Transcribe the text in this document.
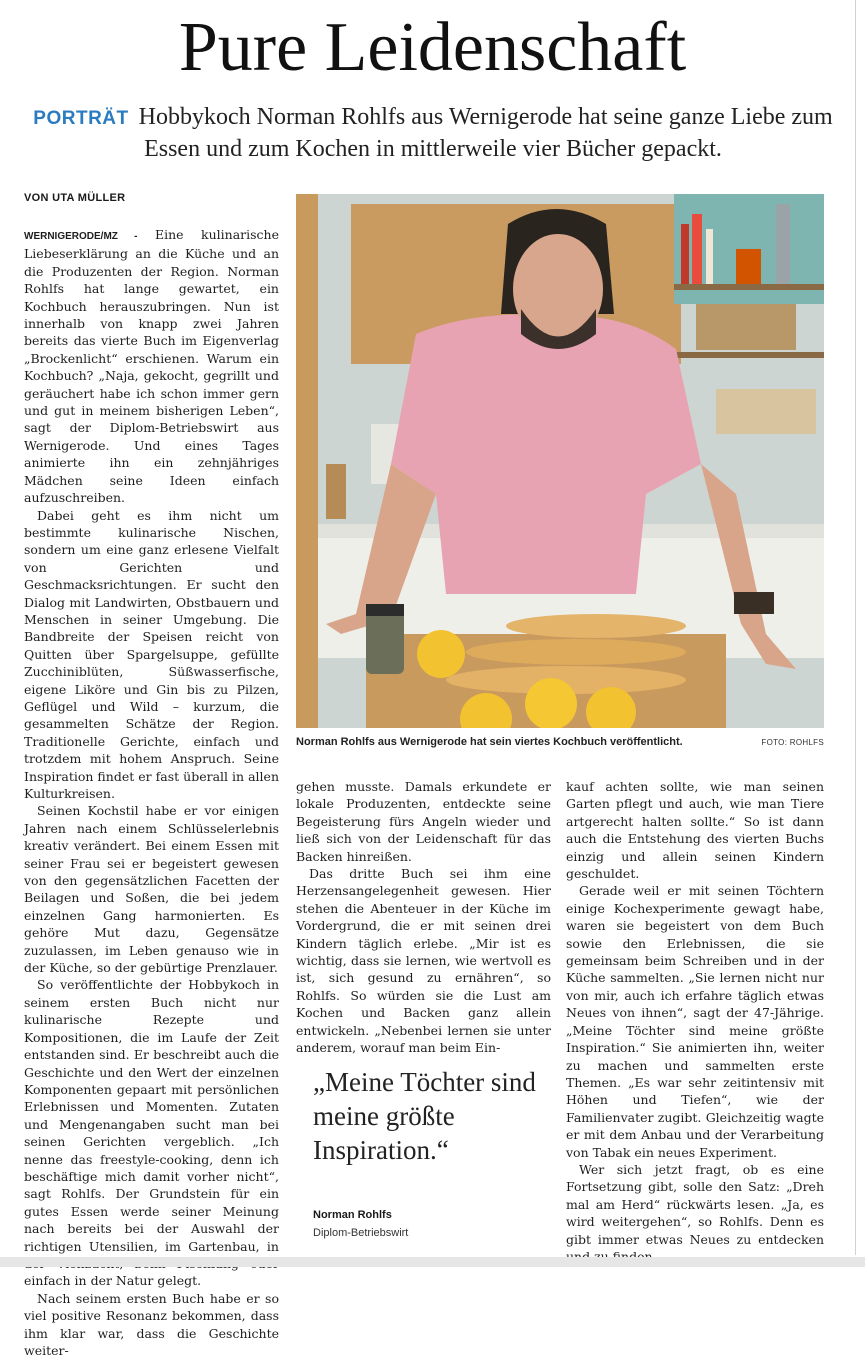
Pure Leidenschaft
PORTRÄT Hobbykoch Norman Rohlfs aus Wernigerode hat seine ganze Liebe zum Essen und zum Kochen in mittlerweile vier Bücher gepackt.
VON UTA MÜLLER

WERNIGERODE/MZ - Eine kulinarische Liebeserklärung an die Küche und an die Produzenten der Region. Norman Rohlfs hat lange gewartet, ein Kochbuch herauszubringen. Nun ist innerhalb von knapp zwei Jahren bereits das vierte Buch im Eigenverlag „Brockenlicht“ erschienen. Warum ein Kochbuch? „Naja, gekocht, gegrillt und geräuchert habe ich schon immer gern und gut in meinem bisherigen Leben“, sagt der Diplom-Betriebswirt aus Wernigerode. Und eines Tages animierte ihn ein zehnjähriges Mädchen seine Ideen einfach aufzuschreiben.

Dabei geht es ihm nicht um bestimmte kulinarische Nischen, sondern um eine ganz erlesene Vielfalt von Gerichten und Geschmacksrichtungen. Er sucht den Dialog mit Landwirten, Obstbauern und Menschen in seiner Umgebung. Die Bandbreite der Speisen reicht von Quitten über Spargelsuppe, gefüllte Zucchiniblüten, Süßwasserfische, eigene Liköre und Gin bis zu Pilzen, Geflügel und Wild – kurzum, die gesammelten Schätze der Region. Traditionelle Gerichte, einfach und trotzdem mit hohem Anspruch. Seine Inspiration findet er fast überall in allen Kulturkreisen.

Seinen Kochstil habe er vor einigen Jahren nach einem Schlüsselerlebnis kreativ verändert. Bei einem Essen mit seiner Frau sei er begeistert gewesen von den gegensätzlichen Facetten der Beilagen und Soßen, die bei jedem einzelnen Gang harmonierten. Es gehöre Mut dazu, Gegensätze zuzulassen, im Leben genauso wie in der Küche, so der gebürtige Prenzlauer.

So veröffentlichte der Hobbykoch in seinem ersten Buch nicht nur kulinarische Rezepte und Kompositionen, die im Laufe der Zeit entstanden sind. Er beschreibt auch die Geschichte und den Wert der einzelnen Komponenten gepaart mit persönlichen Erlebnissen und Momenten. Zutaten und Mengenangaben sucht man bei seinen Gerichten vergeblich. „Ich nenne das freestyle-cooking, denn ich beschäftige mich damit vorher nicht“, sagt Rohlfs. Der Grundstein für ein gutes Essen werde seiner Meinung nach bereits bei der Auswahl der richtigen Utensilien, im Gartenbau, in einfach in der Natur gelegt.

Nach seinem ersten Buch habe er so viel positive Resonanz bekommen, dass ihm klar war, dass die Geschichte weiter-

Norman Rohlfs aus Wernigerode hat sein viertes Kochbuch veröffentlicht.	FOTO: ROHLFS

gehen musste. Damals erkundete er lokale Produzenten, entdeckte seine Begeisterung fürs Angeln wieder und ließ sich von der Leidenschaft für das Backen hinreißen.

Das dritte Buch sei ihm eine Herzensangelegenheit gewesen. Hier stehen die Abenteuer in der Küche im Vordergrund, die er mit seinen drei Kindern täglich erlebe. „Mir ist es wichtig, dass sie lernen, wie wertvoll es ist, sich gesund zu ernähren“, so Rohlfs. So würden sie die Lust am Kochen und Backen ganz allein entwickeln. „Nebenbei lernen sie unter anderem, worauf man beim Ein-

„Meine Töchter sind meine größte Inspiration.“
Norman Rohlfs
Diplom-Betriebswirt

kauf achten sollte, wie man seinen Garten pflegt und auch, wie man Tiere artgerecht halten sollte.“ So ist dann auch die Entstehung des vierten Buchs einzig und allein seinen Kindern geschuldet.

Gerade weil er mit seinen Töchtern einige Kochexperimente gewagt habe, waren sie begeistert von dem Buch sowie den Erlebnissen, die sie gemeinsam beim Schreiben und in der Küche sammelten. „Sie lernen nicht nur von mir, auch ich erfahre täglich etwas Neues von ihnen“, sagt der 47-Jährige. „Meine Töchter sind meine größte Inspiration.“ Sie animierten ihn, weiter zu machen und sammelten erste Themen. „Es war sehr zeitintensiv mit Höhen und Tiefen“, wie der Familienvater zugibt. Gleichzeitig wagte er mit dem Anbau und der Verarbeitung von Tabak ein neues Experiment.

Wer sich jetzt fragt, ob es eine Fortsetzung gibt, solle den Satz: „Dreh mal am Herd“ rückwärts lesen. „Ja, es wird weitergehen“, so Rohlfs. Denn es gibt immer etwas Neues zu entdecken
